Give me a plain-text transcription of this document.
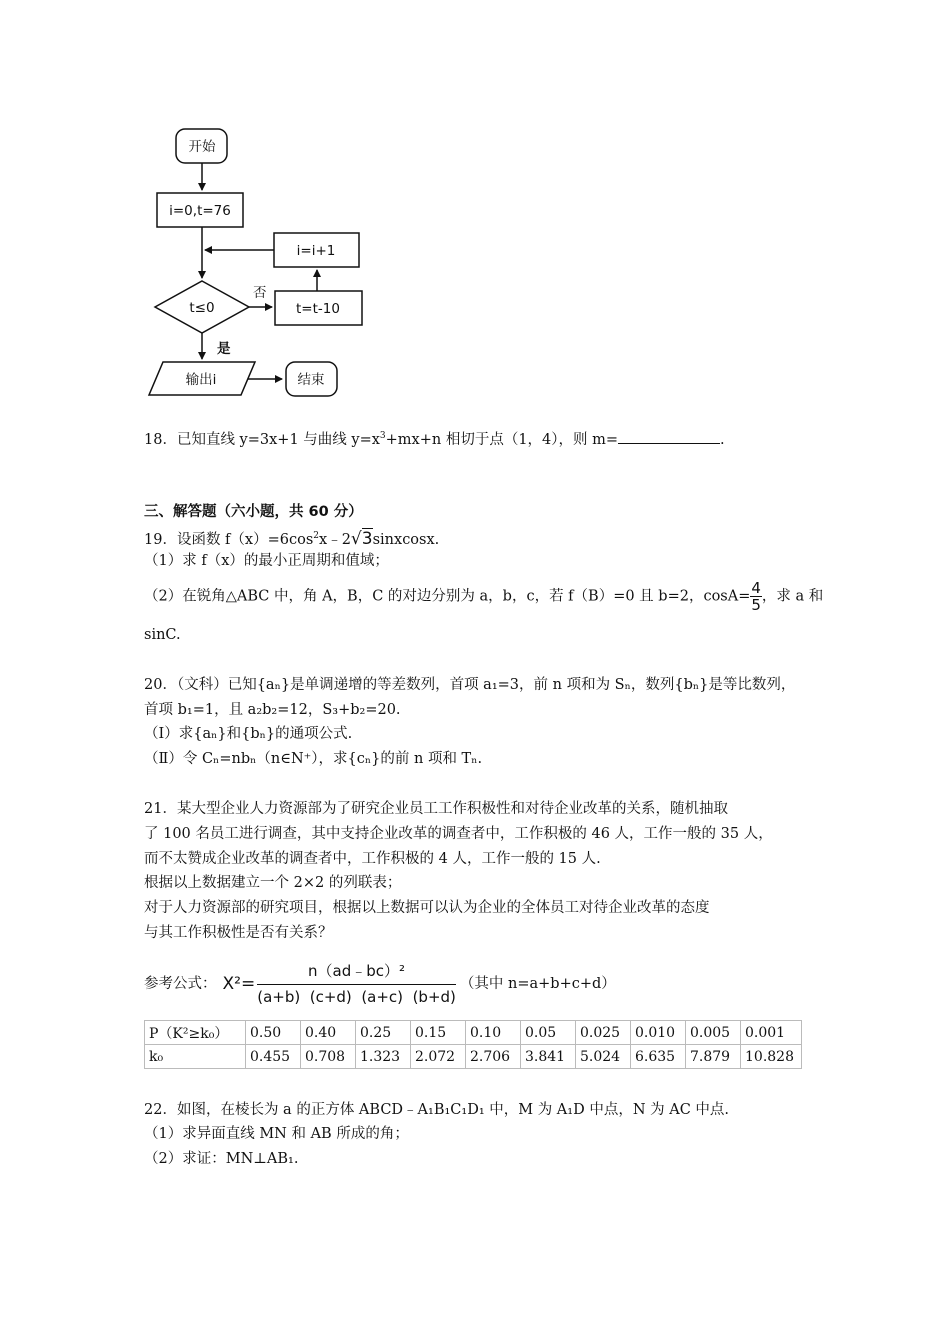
开始
i=0,t=76
i=i+1
t≤0
否
t=t-10
是
输出i	结束
18．已知直线 y=3x+1 与曲线 $y=x^3+mx+n$ 相切于点（1，4），则 m=	.
三、解答题（六小题，共 60 分）
19．设函数 $f(x)=6\cos^2x﹣2√3sinxcosx$.
（1）求 f（x）的最小正周期和值域；
（2）在锐角△ABC 中，角 A，B，C 的对边分别为 a，b，c，若 f（B）=0 且 b=2，$\cos A= \frac{4}{5}$ ，求 a 和
sinC.
20．（文科）已知{aₙ}是单调递增的等差数列，首项 a₁=3，前 n 项和为 Sₙ，数列{bₙ}是等比数列，
首项 b₁=1，且 a₂b₂=12，S₃+b₂=20.
（Ⅰ）求{aₙ}和{bₙ}的通项公式.
（Ⅱ）令 Cₙ=nbₙ（n∈N⁺），求{cₙ}的前 n 项和 Tₙ.
21．某大型企业人力资源部为了研究企业员工工作积极性和对待企业改革的关系，随机抽取
了 100 名员工进行调查，其中支持企业改革的调查者中，工作积极的 46 人，工作一般的 35 人，
而不太赞成企业改革的调查者中，工作积极的 4 人，工作一般的 15 人.
根据以上数据建立一个 2×2 的列联表；
对于人力资源部的研究项目，根据以上数据可以认为企业的全体员工对待企业改革的态度
与其工作积极性是否有关系？
参考公式： $X^2= \frac{\text{n（ad﹣bc）²}}{(a+b) (c+d) (a+c) (b+d)}$ （其中 n=a+b+c+d）
P（K²≥k₀）	0.50	0.40	0.25	0.15	0.10	0.05	0.025	0.010	0.005	0.001
k₀	0.455	0.708	1.323	2.072	2.706	3.841	5.024	6.635	7.879	10.828
22．如图，在棱长为 a 的正方体 ABCD﹣A₁B₁C₁D₁ 中，M 为 A₁D 中点，N 为 AC 中点.
（1）求异面直线 MN 和 AB 所成的角；
（2）求证：MN⊥AB₁.
